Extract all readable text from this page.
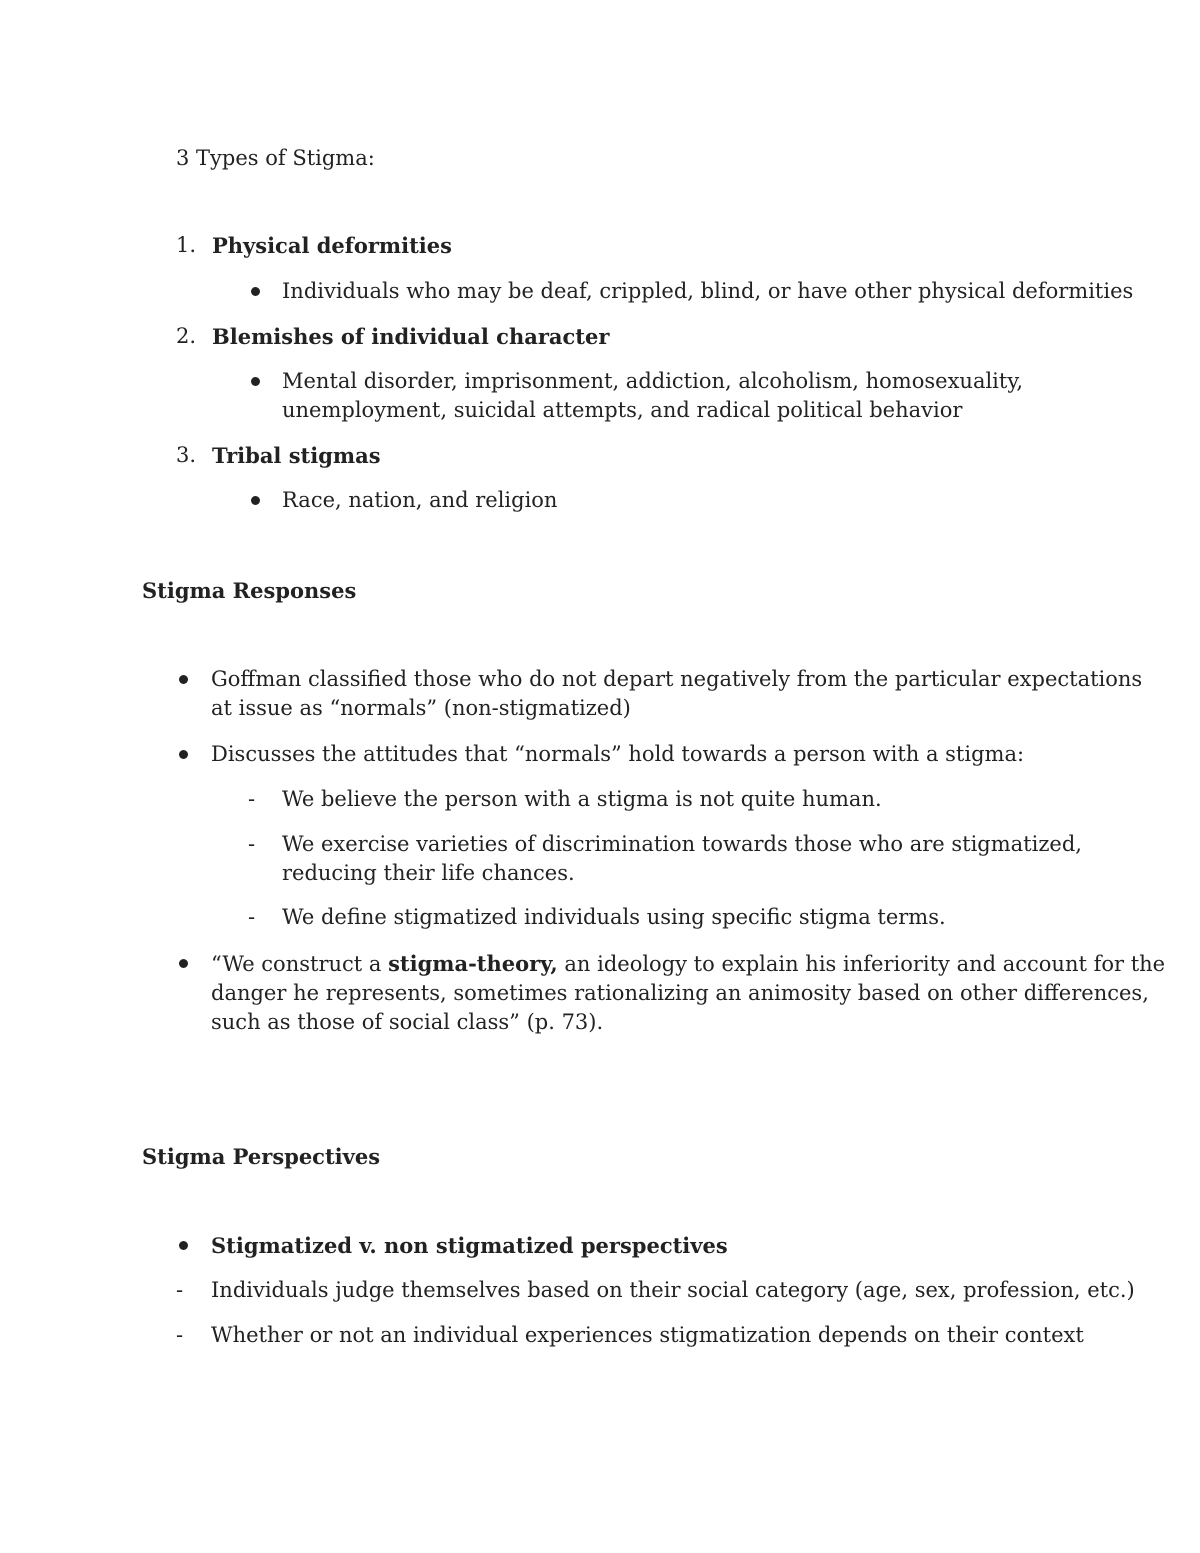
3 Types of Stigma:
1. Physical deformities
Individuals who may be deaf, crippled, blind, or have other physical deformities
2. Blemishes of individual character
Mental disorder, imprisonment, addiction, alcoholism, homosexuality,
unemployment, suicidal attempts, and radical political behavior
3. Tribal stigmas
Race, nation, and religion
Stigma Responses
Goffman classified those who do not depart negatively from the particular expectations
at issue as “normals” (non-stigmatized)
Discusses the attitudes that “normals” hold towards a person with a stigma:
- We believe the person with a stigma is not quite human.
- We exercise varieties of discrimination towards those who are stigmatized,
reducing their life chances.
- We define stigmatized individuals using specific stigma terms.
“We construct a stigma-theory, an ideology to explain his inferiority and account for the
danger he represents, sometimes rationalizing an animosity based on other differences,
such as those of social class” (p. 73).
Stigma Perspectives
Stigmatized v. non stigmatized perspectives
- Individuals judge themselves based on their social category (age, sex, profession, etc.)
- Whether or not an individual experiences stigmatization depends on their context
